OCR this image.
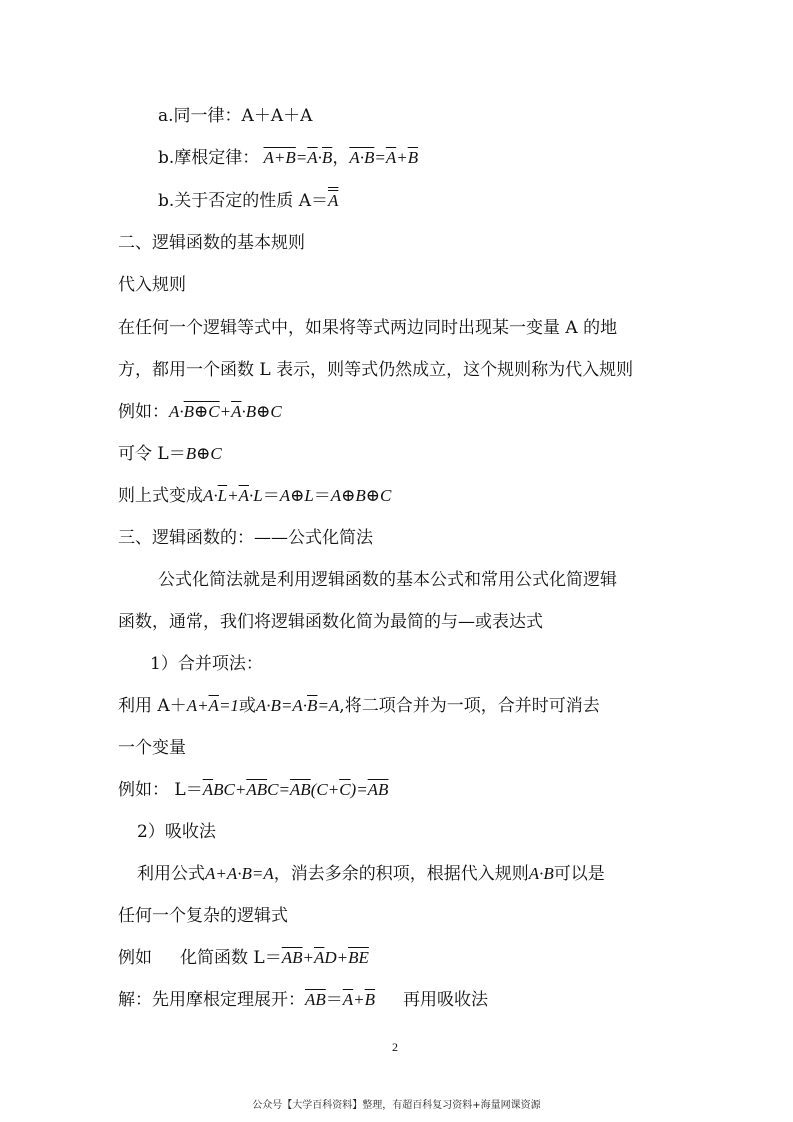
a.同一律：A＋A＋A
b.摩根定律： $A+B=\overline{A}\cdot\overline{B}$，$A\cdot B=\overline{A}+\overline{B}$
b.关于否定的性质 A＝A
二、逻辑函数的基本规则
代入规则
在任何一个逻辑等式中，如果将等式两边同时出现某一变量 A 的地
方，都用一个函数 L 表示，则等式仍然成立，这个规则称为代入规则
例如：$A\cdot B\oplus C+\overline{A}\cdot B\oplus C$
可令 L＝B⊕C
则上式变成$A\cdot\overline{L}+\overline{A}\cdot L=A\oplus L=A\oplus B\oplus C$
三、逻辑函数的：——公式化简法
公式化简法就是利用逻辑函数的基本公式和常用公式化简逻辑
函数，通常，我们将逻辑函数化简为最简的与—或表达式
1）合并项法：
利用 $A+A+\overline{A}=1$或$A\cdot B=A\cdot\overline{B}=A$,将二项合并为一项，合并时可消去
一个变量
例如： $L=\overline{A}BC+\overline{AB}C=\overline{AB}(C+\overline{C})=\overline{AB}$
2）吸收法
利用公式A+A·B=A，消去多余的积项，根据代入规则A·B可以是
任何一个复杂的逻辑式
例如 化简函数 $L=\overline{AB}+\overline{A}D+\overline{B}\overline{E}$
解：先用摩根定理展开：$\overline{AB}=\overline{A}+\overline{B}$ 再用吸收法
2
公众号【大学百科资料】整理，有超百科复习资料+海量网课资源
